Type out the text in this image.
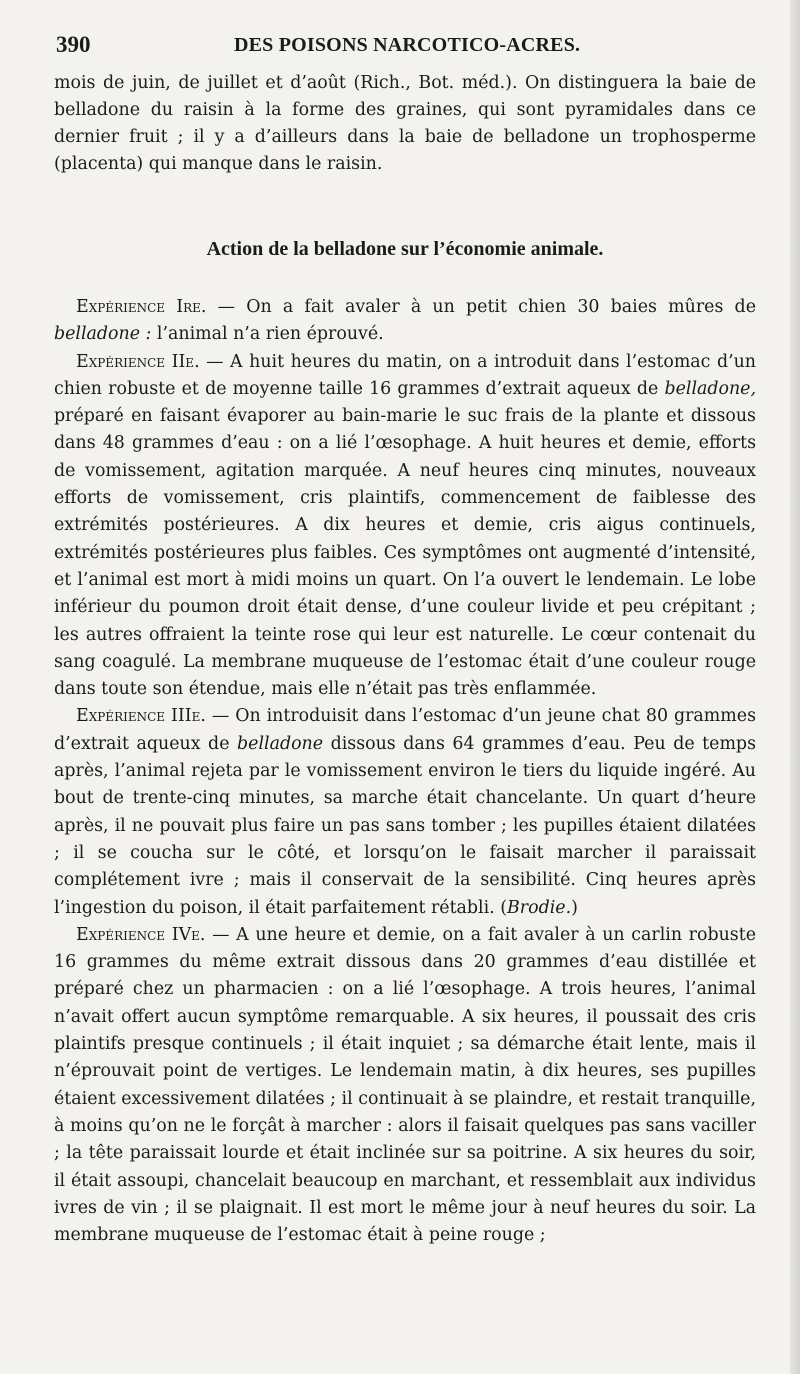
390	DES POISONS NARCOTICO-ACRES.

mois de juin, de juillet et d’août (Rich., Bot. méd.). On distinguera la baie de belladone du raisin à la forme des graines, qui sont pyramidales dans ce dernier fruit ; il y a d’ailleurs dans la baie de belladone un trophosperme (placenta) qui manque dans le raisin.

Action de la belladone sur l’économie animale.

Expérience Ire. — On a fait avaler à un petit chien 30 baies mûres de belladone : l’animal n’a rien éprouvé.

Expérience IIe. — A huit heures du matin, on a introduit dans l’estomac d’un chien robuste et de moyenne taille 16 grammes d’extrait aqueux de belladone, préparé en faisant évaporer au bain-marie le suc frais de la plante et dissous dans 48 grammes d’eau : on a lié l’œsophage. A huit heures et demie, efforts de vomissement, agitation marquée. A neuf heures cinq minutes, nouveaux efforts de vomissement, cris plaintifs, commencement de faiblesse des extrémités postérieures. A dix heures et demie, cris aigus continuels, extrémités postérieures plus faibles. Ces symptômes ont augmenté d’intensité, et l’animal est mort à midi moins un quart. On l’a ouvert le lendemain. Le lobe inférieur du poumon droit était dense, d’une couleur livide et peu crépitant ; les autres offraient la teinte rose qui leur est naturelle. Le cœur contenait du sang coagulé. La membrane muqueuse de l’estomac était d’une couleur rouge dans toute son étendue, mais elle n’était pas très enflammée.

Expérience IIIe. — On introduisit dans l’estomac d’un jeune chat 80 grammes d’extrait aqueux de belladone dissous dans 64 grammes d’eau. Peu de temps après, l’animal rejeta par le vomissement environ le tiers du liquide ingéré. Au bout de trente-cinq minutes, sa marche était chancelante. Un quart d’heure après, il ne pouvait plus faire un pas sans tomber ; les pupilles étaient dilatées ; il se coucha sur le côté, et lorsqu’on le faisait marcher il paraissait complétement ivre ; mais il conservait de la sensibilité. Cinq heures après l’ingestion du poison, il était parfaitement rétabli. (Brodie.)

Expérience IVe. — A une heure et demie, on a fait avaler à un carlin robuste 16 grammes du même extrait dissous dans 20 grammes d’eau distillée et préparé chez un pharmacien : on a lié l’œsophage. A trois heures, l’animal n’avait offert aucun symptôme remarquable. A six heures, il poussait des cris plaintifs presque continuels ; il était inquiet ; sa démarche était lente, mais il n’éprouvait point de vertiges. Le lendemain matin, à dix heures, ses pupilles étaient excessivement dilatées ; il continuait à se plaindre, et restait tranquille, à moins qu’on ne le forçât à marcher : alors il faisait quelques pas sans vaciller ; la tête paraissait lourde et était inclinée sur sa poitrine. A six heures du soir, il était assoupi, chancelait beaucoup en marchant, et ressemblait aux individus ivres de vin ; il se plaignait. Il est mort le même jour à neuf heures du soir. La membrane muqueuse de l’estomac était à peine rouge ;
